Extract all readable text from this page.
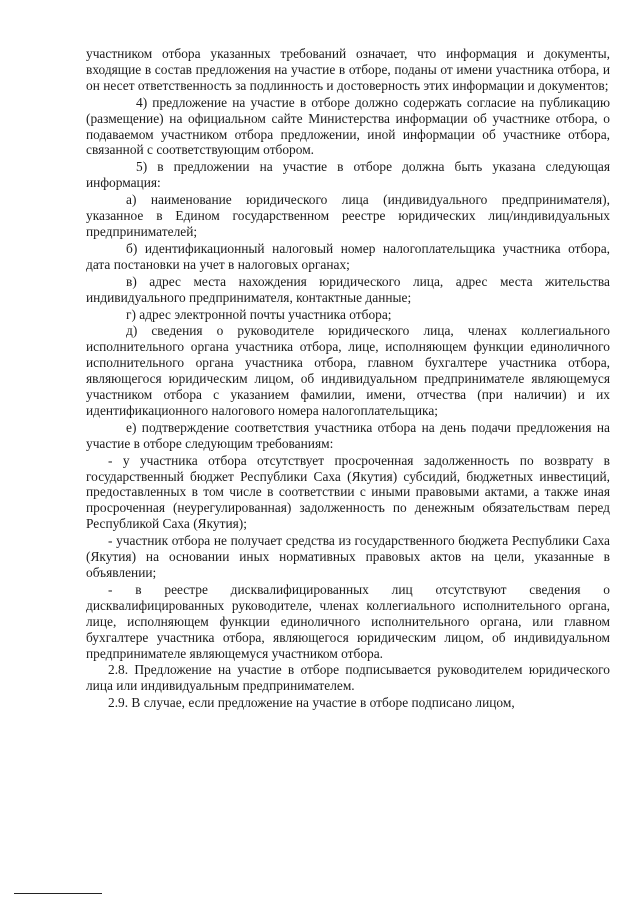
участником отбора указанных требований означает, что информация и документы, входящие в состав предложения на участие в отборе, поданы от имени участника отбора, и он несет ответственность за подлинность и достоверность этих информации и документов;

4) предложение на участие в отборе должно содержать согласие на публикацию (размещение) на официальном сайте Министерства информации об участнике отбора, о подаваемом участником отбора предложении, иной информации об участнике отбора, связанной с соответствующим отбором.

5) в предложении на участие в отборе должна быть указана следующая информация:

а) наименование юридического лица (индивидуального предпринимателя), указанное в Едином государственном реестре юридических лиц/индивидуальных предпринимателей;

б) идентификационный налоговый номер налогоплательщика участника отбора, дата постановки на учет в налоговых органах;

в) адрес места нахождения юридического лица, адрес места жительства индивидуального предпринимателя, контактные данные;

г) адрес электронной почты участника отбора;

д) сведения о руководителе юридического лица, членах коллегиального исполнительного органа участника отбора, лице, исполняющем функции единоличного исполнительного органа участника отбора, главном бухгалтере участника отбора, являющегося юридическим лицом, об индивидуальном предпринимателе являющемуся участником отбора с указанием фамилии, имени, отчества (при наличии) и их идентификационного налогового номера налогоплательщика;

е) подтверждение соответствия участника отбора на день подачи предложения на участие в отборе следующим требованиям:

- у участника отбора отсутствует просроченная задолженность по возврату в государственный бюджет Республики Саха (Якутия) субсидий, бюджетных инвестиций, предоставленных в том числе в соответствии с иными правовыми актами, а также иная просроченная (неурегулированная) задолженность по денежным обязательствам перед Республикой Саха (Якутия);

- участник отбора не получает средства из государственного бюджета Республики Саха (Якутия) на основании иных нормативных правовых актов на цели, указанные в объявлении;

- в реестре дисквалифицированных лиц отсутствуют сведения о дисквалифицированных руководителе, членах коллегиального исполнительного органа, лице, исполняющем функции единоличного исполнительного органа, или главном бухгалтере участника отбора, являющегося юридическим лицом, об индивидуальном предпринимателе являющемуся участником отбора.

2.8. Предложение на участие в отборе подписывается руководителем юридического лица или индивидуальным предпринимателем.

2.9. В случае, если предложение на участие в отборе подписано лицом,
